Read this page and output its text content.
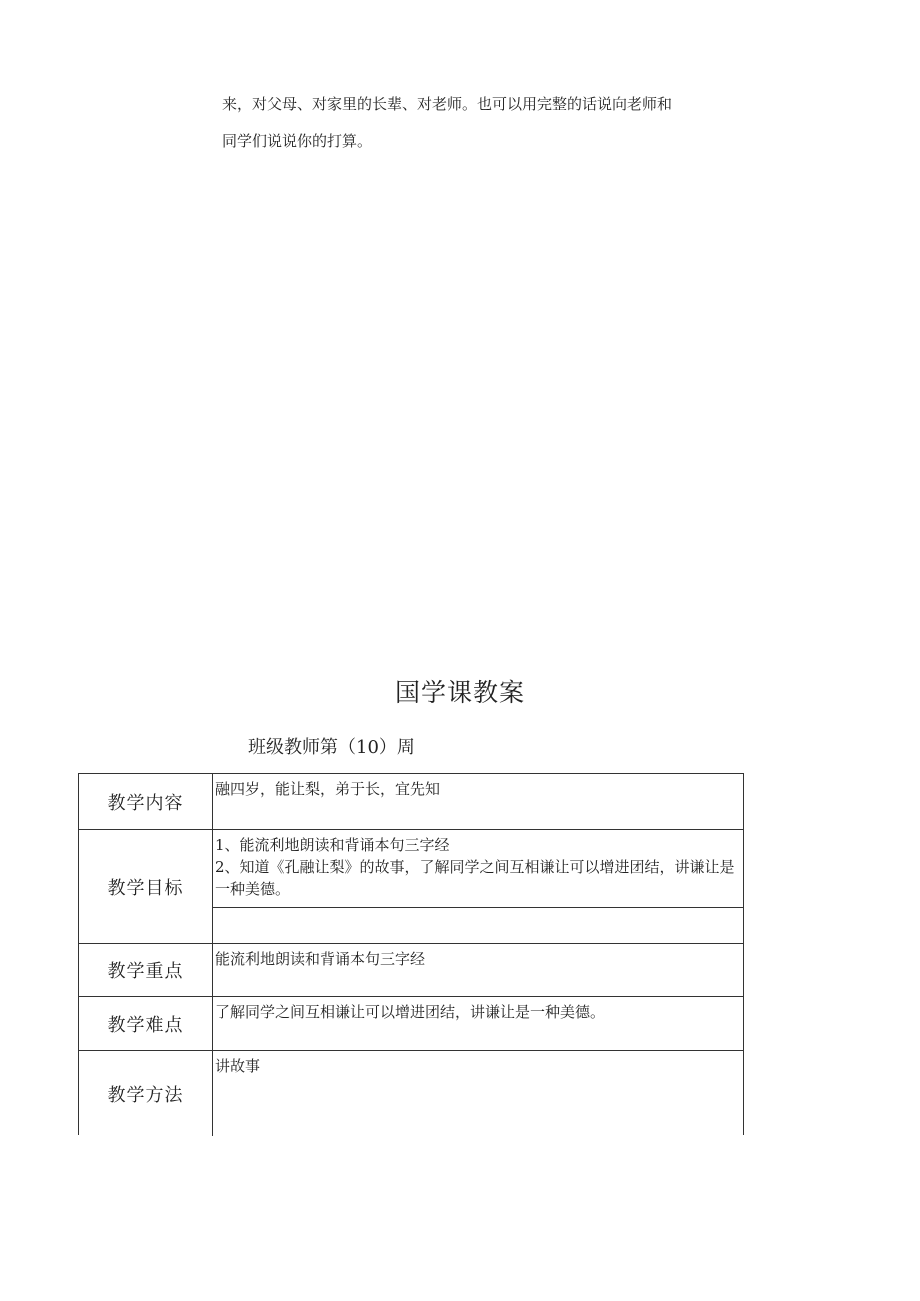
来，对父母、对家里的长辈、对老师。也可以用完整的话说向老师和
同学们说说你的打算。
国学课教案
班级教师第（10）周
教学内容
融四岁，能让梨，弟于长，宜先知
教学目标
1、能流利地朗读和背诵本句三字经
2、知道《孔融让梨》的故事，了解同学之间互相谦让可以增进团结，讲谦让是一种美德。
教学重点
能流利地朗读和背诵本句三字经
教学难点
了解同学之间互相谦让可以增进团结，讲谦让是一种美德。
教学方法
讲故事
